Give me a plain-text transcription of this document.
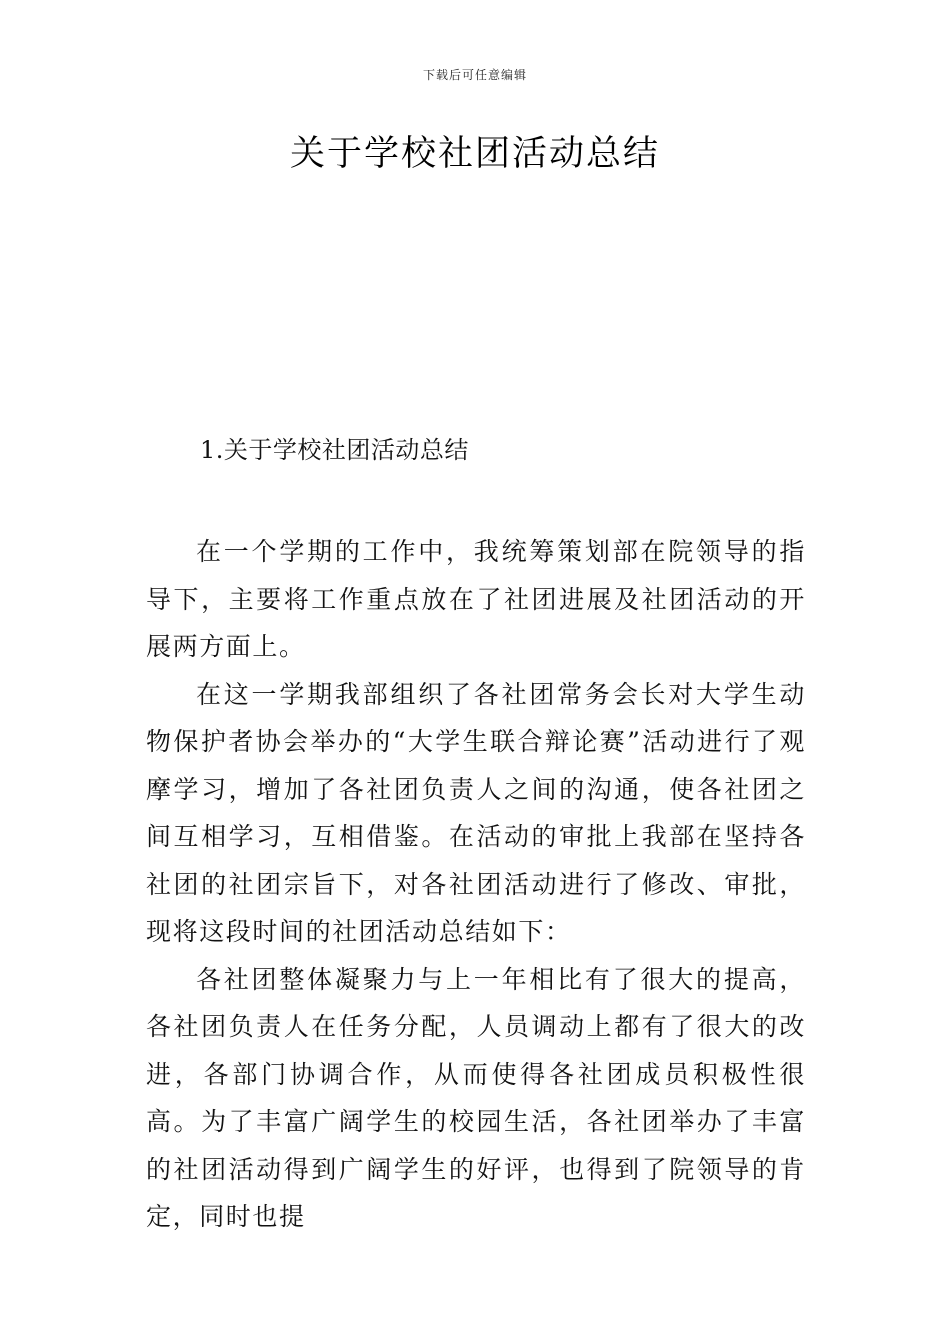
下载后可任意编辑
关于学校社团活动总结
1.关于学校社团活动总结

在一个学期的工作中，我统筹策划部在院领导的指导下，主要将工作重点放在了社团进展及社团活动的开展两方面上。

在这一学期我部组织了各社团常务会长对大学生动物保护者协会举办的“大学生联合辩论赛”活动进行了观摩学习，增加了各社团负责人之间的沟通，使各社团之间互相学习，互相借鉴。在活动的审批上我部在坚持各社团的社团宗旨下，对各社团活动进行了修改、审批，现将这段时间的社团活动总结如下：

各社团整体凝聚力与上一年相比有了很大的提高，各社团负责人在任务分配，人员调动上都有了很大的改进，各部门协调合作，从而使得各社团成员积极性很高。为了丰富广阔学生的校园生活，各社团举办了丰富的社团活动得到广阔学生的好评，也得到了院领导的肯定，同时也提
